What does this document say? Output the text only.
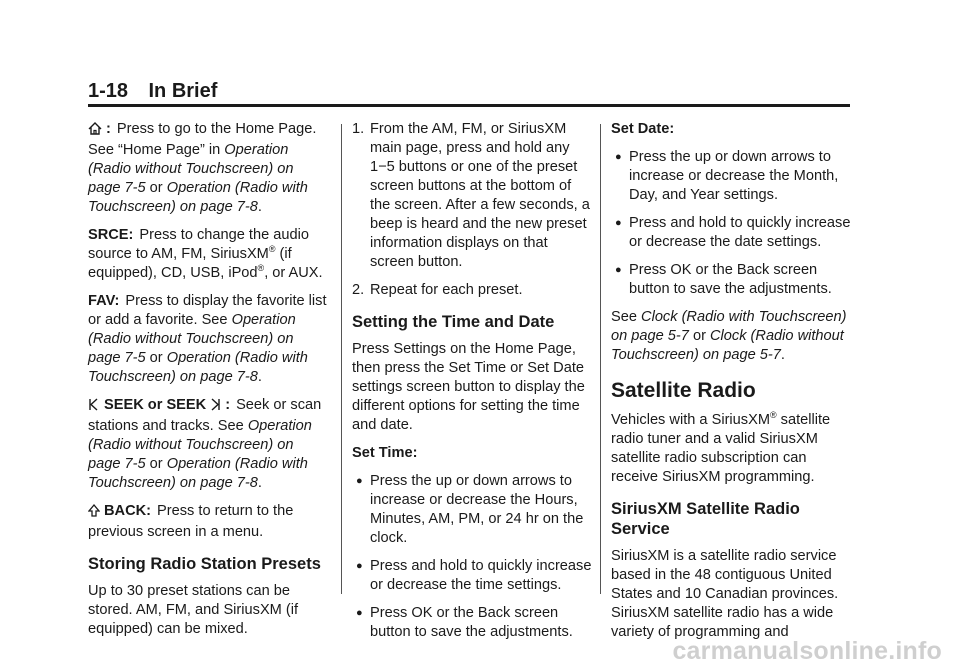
1-18 In Brief

: Press to go to the Home Page. See “Home Page” in Operation (Radio without Touchscreen) on page 7-5 or Operation (Radio with Touchscreen) on page 7-8.

SRCE: Press to change the audio source to AM, FM, SiriusXM® (if equipped), CD, USB, iPod®, or AUX.

FAV: Press to display the favorite list or add a favorite. See Operation (Radio without Touchscreen) on page 7-5 or Operation (Radio with Touchscreen) on page 7-8.

SEEK or SEEK : Seek or scan stations and tracks. See Operation (Radio without Touchscreen) on page 7-5 or Operation (Radio with Touchscreen) on page 7-8.

BACK: Press to return to the previous screen in a menu.

Storing Radio Station Presets

Up to 30 preset stations can be stored. AM, FM, and SiriusXM (if equipped) can be mixed.

1. From the AM, FM, or SiriusXM main page, press and hold any 1−5 buttons or one of the preset screen buttons at the bottom of the screen. After a few seconds, a beep is heard and the new preset information displays on that screen button.
2. Repeat for each preset.
Setting the Time and Date

Press Settings on the Home Page, then press the Set Time or Set Date settings screen button to display the different options for setting the time and date.

Set Time:

● Press the up or down arrows to increase or decrease the Hours, Minutes, AM, PM, or 24 hr on the clock.
● Press and hold to quickly increase or decrease the time settings.
● Press OK or the Back screen button to save the adjustments.

Set Date:

● Press the up or down arrows to increase or decrease the Month, Day, and Year settings.
● Press and hold to quickly increase or decrease the date settings.
● Press OK or the Back screen button to save the adjustments.

See Clock (Radio with Touchscreen) on page 5-7 or Clock (Radio without Touchscreen) on page 5-7.

Satellite Radio

Vehicles with a SiriusXM® satellite radio tuner and a valid SiriusXM satellite radio subscription can receive SiriusXM programming.

SiriusXM Satellite Radio Service

SiriusXM is a satellite radio service based in the 48 contiguous United States and 10 Canadian provinces. SiriusXM satellite radio has a wide variety of programming and

carmanualsonline.info
